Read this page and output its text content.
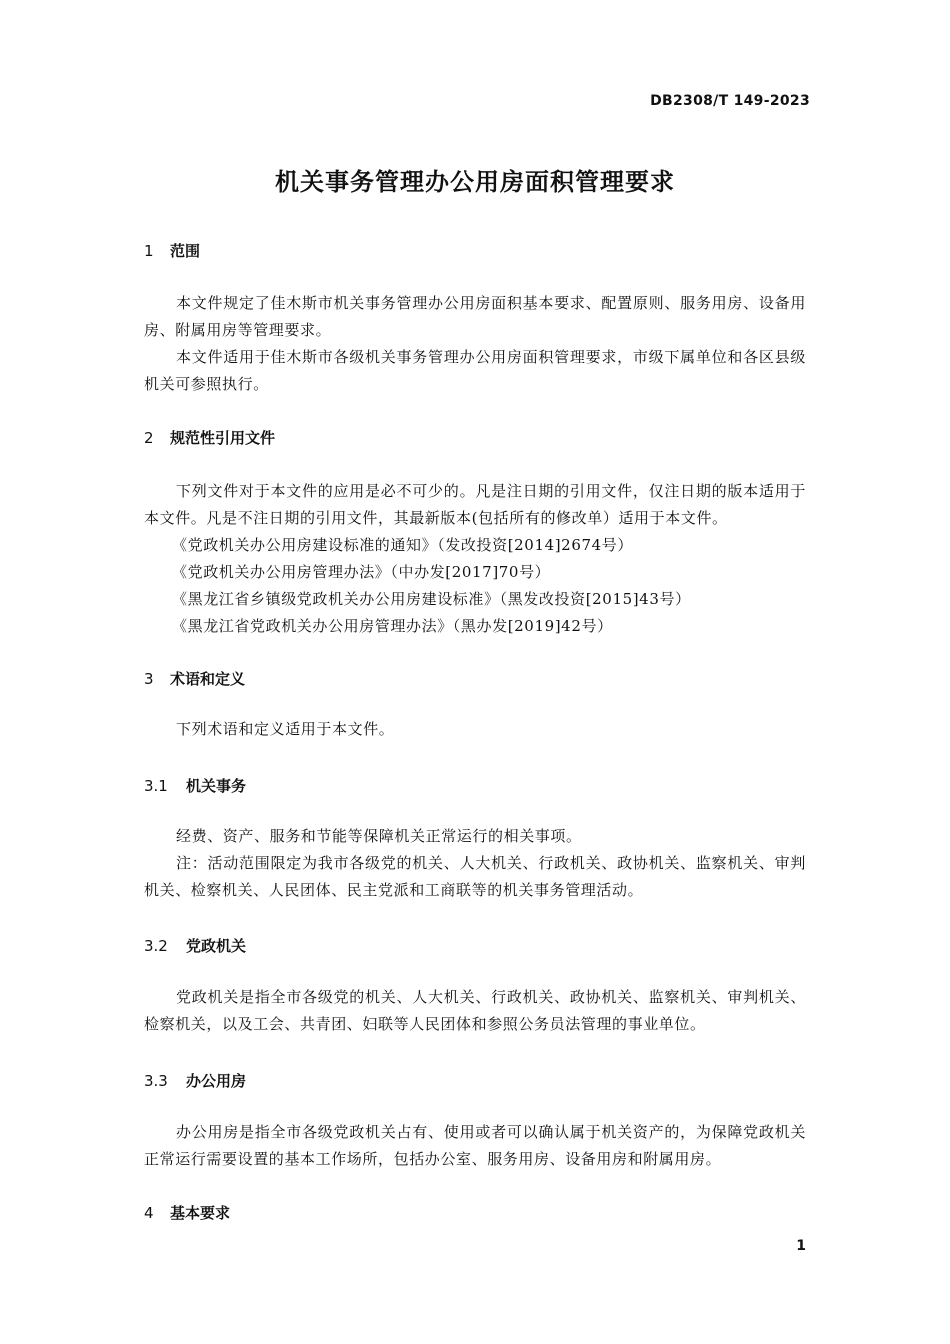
DB2308/T 149-2023
机关事务管理办公用房面积管理要求
1 范围

本文件规定了佳木斯市机关事务管理办公用房面积基本要求、配置原则、服务用房、设备用房、附属用房等管理要求。

本文件适用于佳木斯市各级机关事务管理办公用房面积管理要求，市级下属单位和各区县级机关可参照执行。

2 规范性引用文件

下列文件对于本文件的应用是必不可少的。凡是注日期的引用文件，仅注日期的版本适用于本文件。凡是不注日期的引用文件，其最新版本(包括所有的修改单）适用于本文件。

《党政机关办公用房建设标准的通知》（发改投资[2014]2674号）

《党政机关办公用房管理办法》（中办发[2017]70号）

《黑龙江省乡镇级党政机关办公用房建设标准》（黑发改投资[2015]43号）

《黑龙江省党政机关办公用房管理办法》（黑办发[2019]42号）

3 术语和定义

下列术语和定义适用于本文件。

3.1 机关事务

经费、资产、服务和节能等保障机关正常运行的相关事项。

注：活动范围限定为我市各级党的机关、人大机关、行政机关、政协机关、监察机关、审判机关、检察机关、人民团体、民主党派和工商联等的机关事务管理活动。

3.2 党政机关

党政机关是指全市各级党的机关、人大机关、行政机关、政协机关、监察机关、审判机关、检察机关，以及工会、共青团、妇联等人民团体和参照公务员法管理的事业单位。

3.3 办公用房

办公用房是指全市各级党政机关占有、使用或者可以确认属于机关资产的，为保障党政机关正常运行需要设置的基本工作场所，包括办公室、服务用房、设备用房和附属用房。

4 基本要求
1
